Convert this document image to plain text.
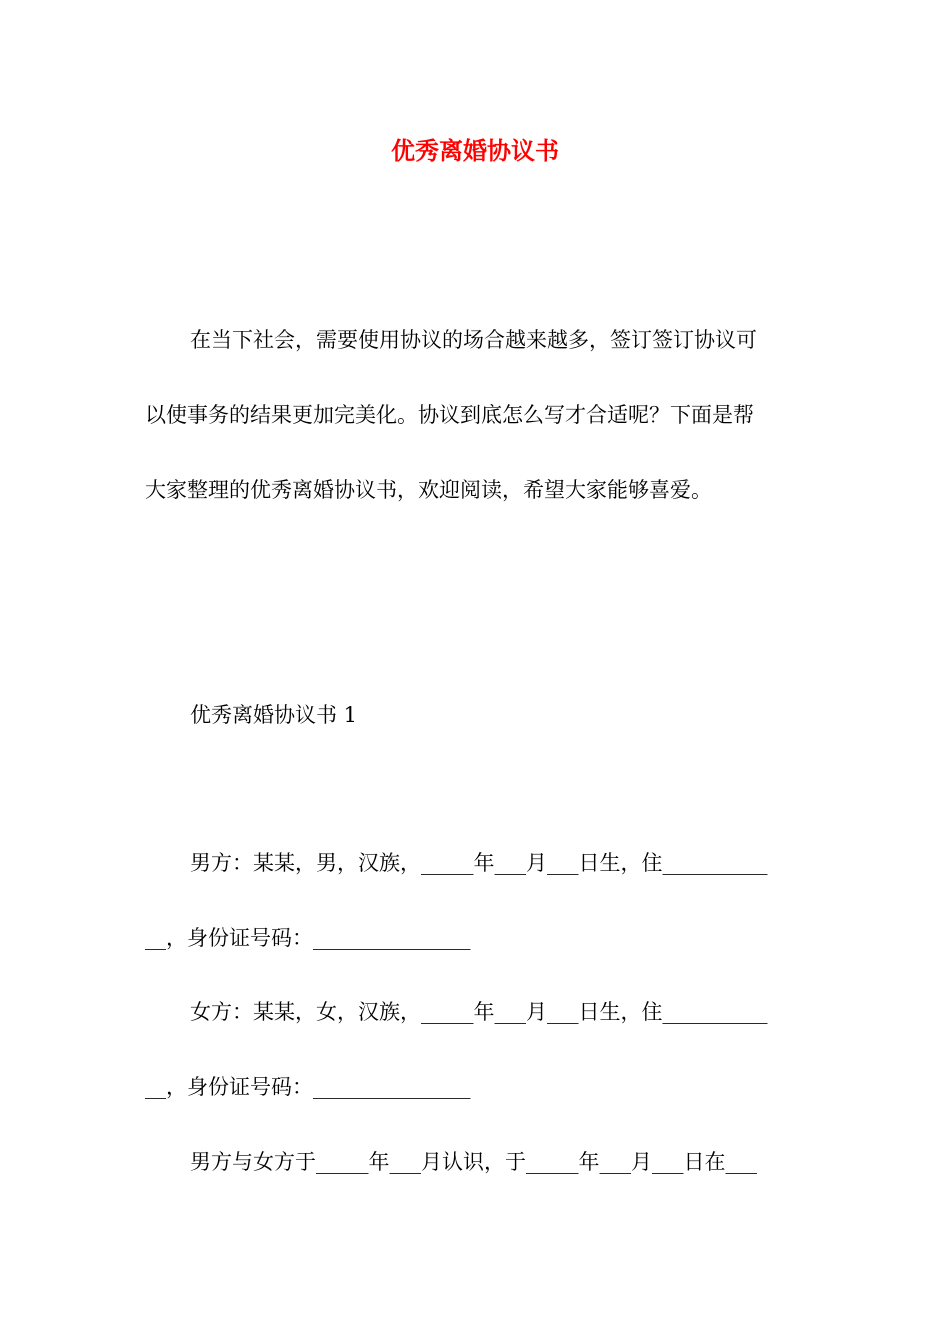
优秀离婚协议书
在当下社会，需要使用协议的场合越来越多，签订签订协议可
以使事务的结果更加完美化。协议到底怎么写才合适呢？下面是帮
大家整理的优秀离婚协议书，欢迎阅读，希望大家能够喜爱。
优秀离婚协议书 1
男方：某某，男，汉族，_____年___月___日生，住__________
__，身份证号码：_______________
女方：某某，女，汉族，_____年___月___日生，住__________
__，身份证号码：_______________
男方与女方于_____年___月认识，于_____年___月___日在___
